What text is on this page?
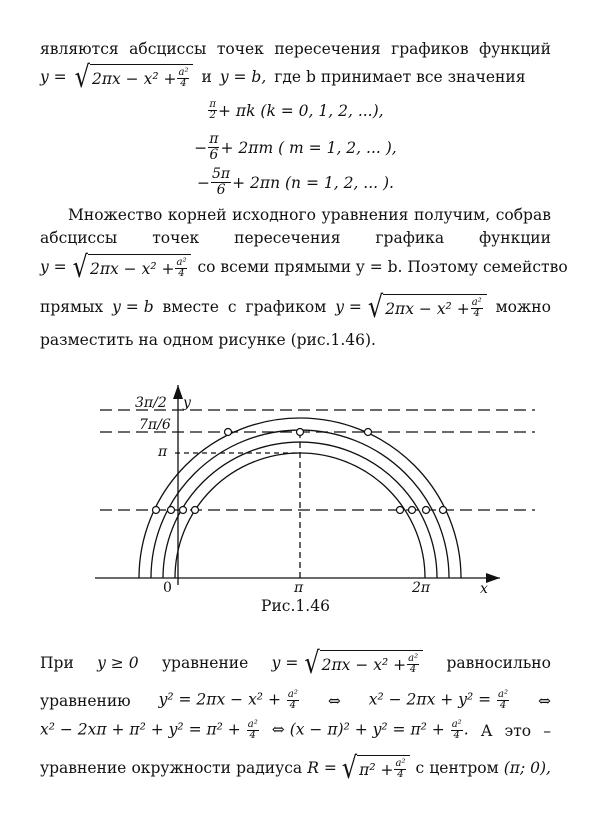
являются абсциссы точек пересечения графиков функций
y = √ $2\pi x - x^2 + \frac{\text{a²}}{4}$ и y = b, где b принимает все значения
$\frac{\pi}{2} + \pi k$ (k = 0, 1, 2, ...),
− $\frac{\pi}{6} + 2\pi m$ ( m = 1, 2, ... ),
− $\frac{5\pi}{6} + 2\pi n$ (n = 1, 2, ... ).
Множество корней исходного уравнения получим, собрав
абсциссы точек пересечения графика функции
y = √ $2\pi x - x^2 + \frac{\text{a²}}{4}$ со всеми прямыми y = b. Поэтому семейство
прямых y = b вместе с графиком y = √ $2\pi x - x^2 + \frac{\text{a²}}{4}$ можно
разместить на одном рисунке (рис.1.46).
3π/2
7π/6
π
y
x
0	π	2π
Рис.1.46
При y ≥ 0 уравнение y = √ $2\pi x - x^2 + \frac{\text{a²}}{4}$ равносильно
уравнению $y^2 = 2\pi x - x^2 + \frac{\text{a²}}{4}$ ⇔ $x^2 - 2\pi x + y^2 = \frac{\text{a²}}{4}$ ⇔
$x^2 - 2x\pi + \pi^2 + y^2 = \pi^2 + \frac{\text{a²}}{4}$ ⇔ $(x - \pi)^2 + y^2 = \pi^2 + \frac{\text{a²}}{4}$ . А это –
уравнение окружности радиуса R = √ $\pi^2 + \frac{\text{a²}}{4}$ с центром (π; 0),
